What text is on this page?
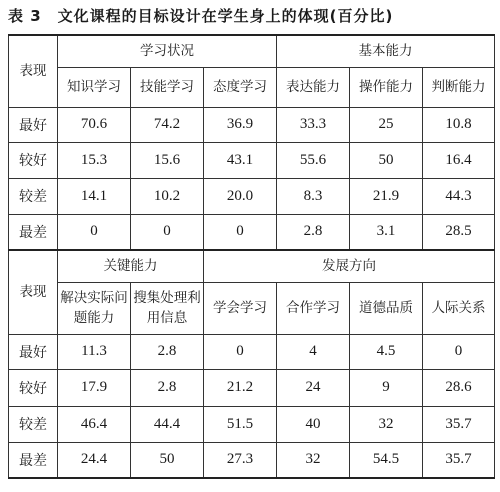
表 3　文化课程的目标设计在学生身上的体现(百分比)
表现	学习状况			基本能力		
	知识学习	技能学习	态度学习	表达能力	操作能力	判断能力
最好	70.6	74.2	36.9	33.3	25	10.8
较好	15.3	15.6	43.1	55.6	50	16.4
较差	14.1	10.2	20.0	8.3	21.9	44.3
最差	0	0	0	2.8	3.1	28.5
表现	关键能力		发展方向			
	解决实际问题能力	搜集处理利用信息	学会学习	合作学习	道德品质	人际关系
最好	11.3	2.8	0	4	4.5	0
较好	17.9	2.8	21.2	24	9	28.6
较差	46.4	44.4	51.5	40	32	35.7
最差	24.4	50	27.3	32	54.5	35.7
